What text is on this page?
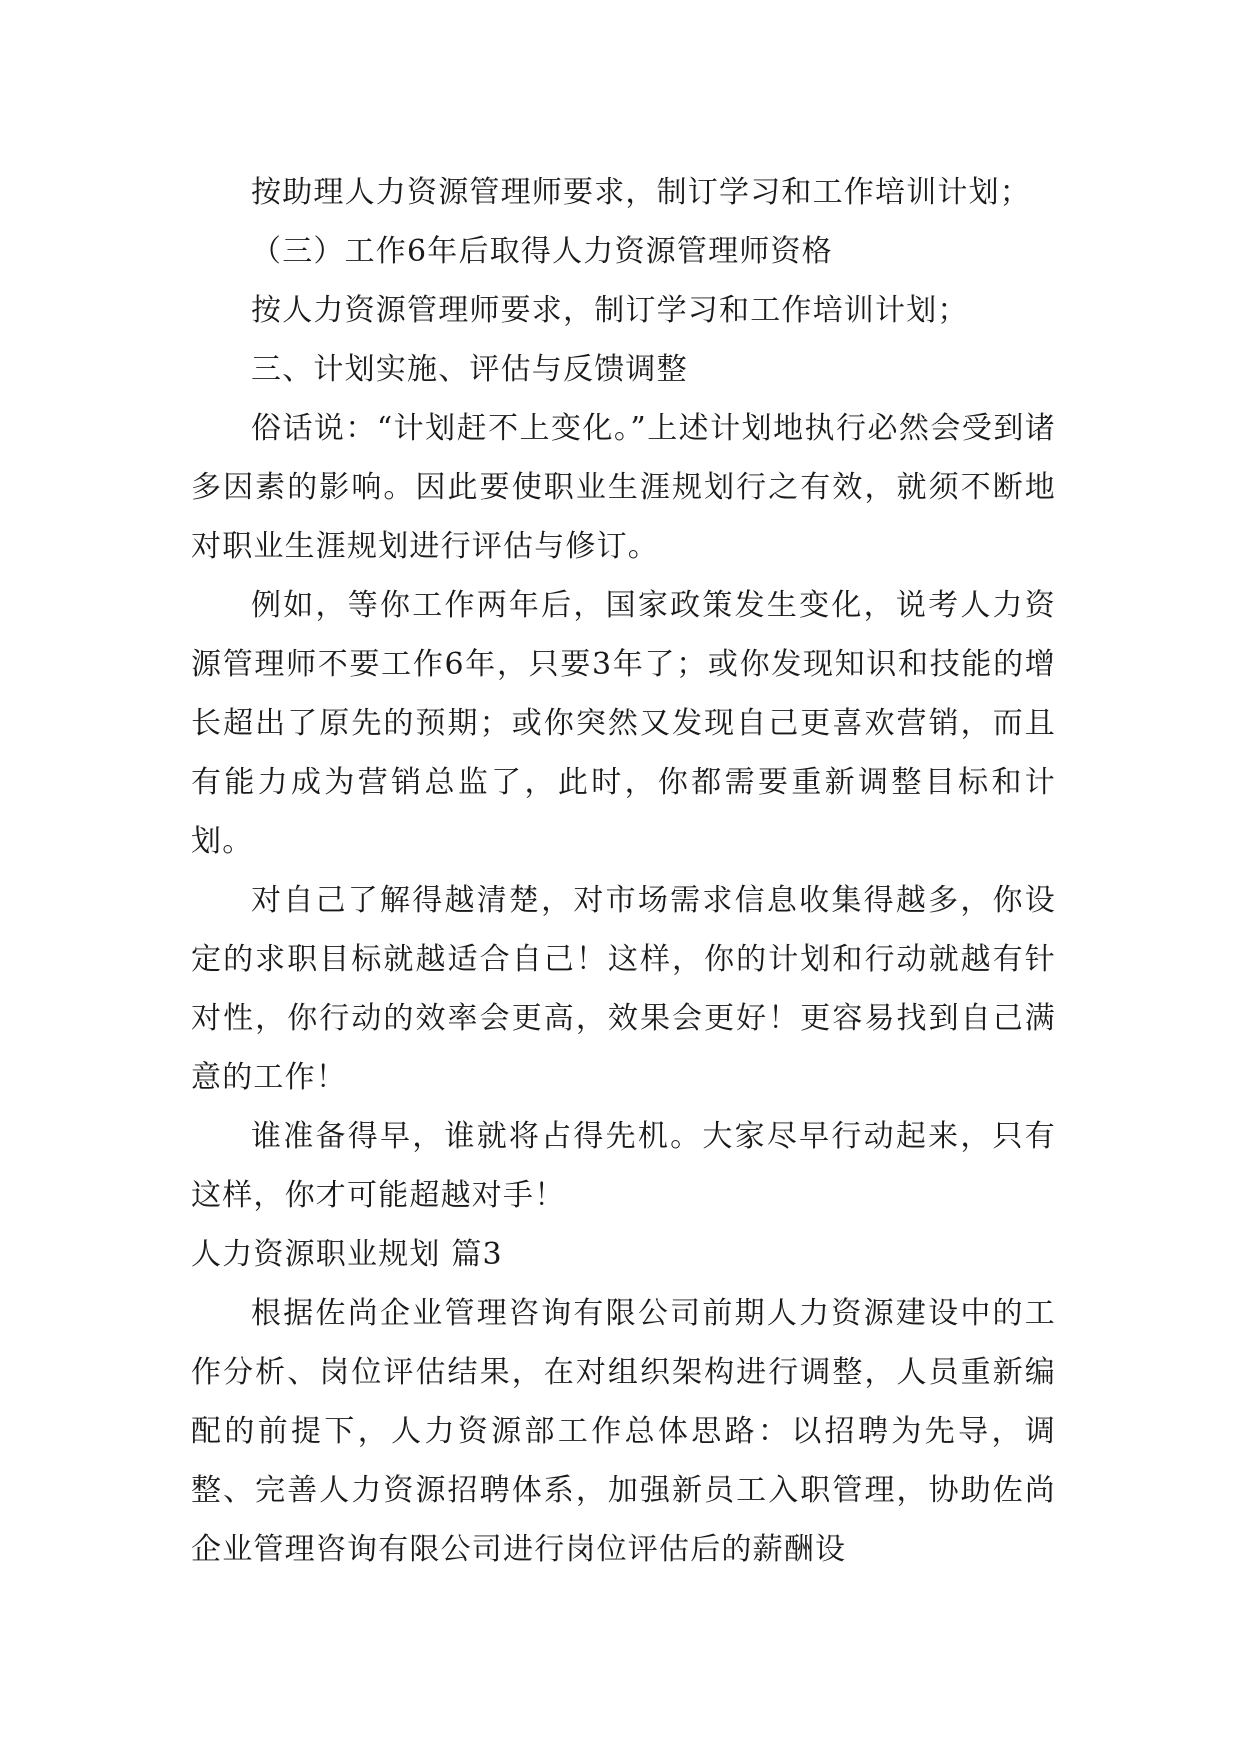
按助理人力资源管理师要求，制订学习和工作培训计划；

（三）工作6年后取得人力资源管理师资格

按人力资源管理师要求，制订学习和工作培训计划；

三、计划实施、评估与反馈调整

俗话说：“计划赶不上变化。”上述计划地执行必然会受到诸多因素的影响。因此要使职业生涯规划行之有效，就须不断地对职业生涯规划进行评估与修订。

例如，等你工作两年后，国家政策发生变化，说考人力资源管理师不要工作6年，只要3年了；或你发现知识和技能的增长超出了原先的预期；或你突然又发现自己更喜欢营销，而且有能力成为营销总监了，此时，你都需要重新调整目标和计划。

对自己了解得越清楚，对市场需求信息收集得越多，你设定的求职目标就越适合自己！这样，你的计划和行动就越有针对性，你行动的效率会更高，效果会更好！更容易找到自己满意的工作！

谁准备得早，谁就将占得先机。大家尽早行动起来，只有这样，你才可能超越对手！

人力资源职业规划 篇3

根据佐尚企业管理咨询有限公司前期人力资源建设中的工作分析、岗位评估结果，在对组织架构进行调整，人员重新编配的前提下，人力资源部工作总体思路：以招聘为先导，调整、完善人力资源招聘体系，加强新员工入职管理，协助佐尚企业管理咨询有限公司进行岗位评估后的薪酬设
